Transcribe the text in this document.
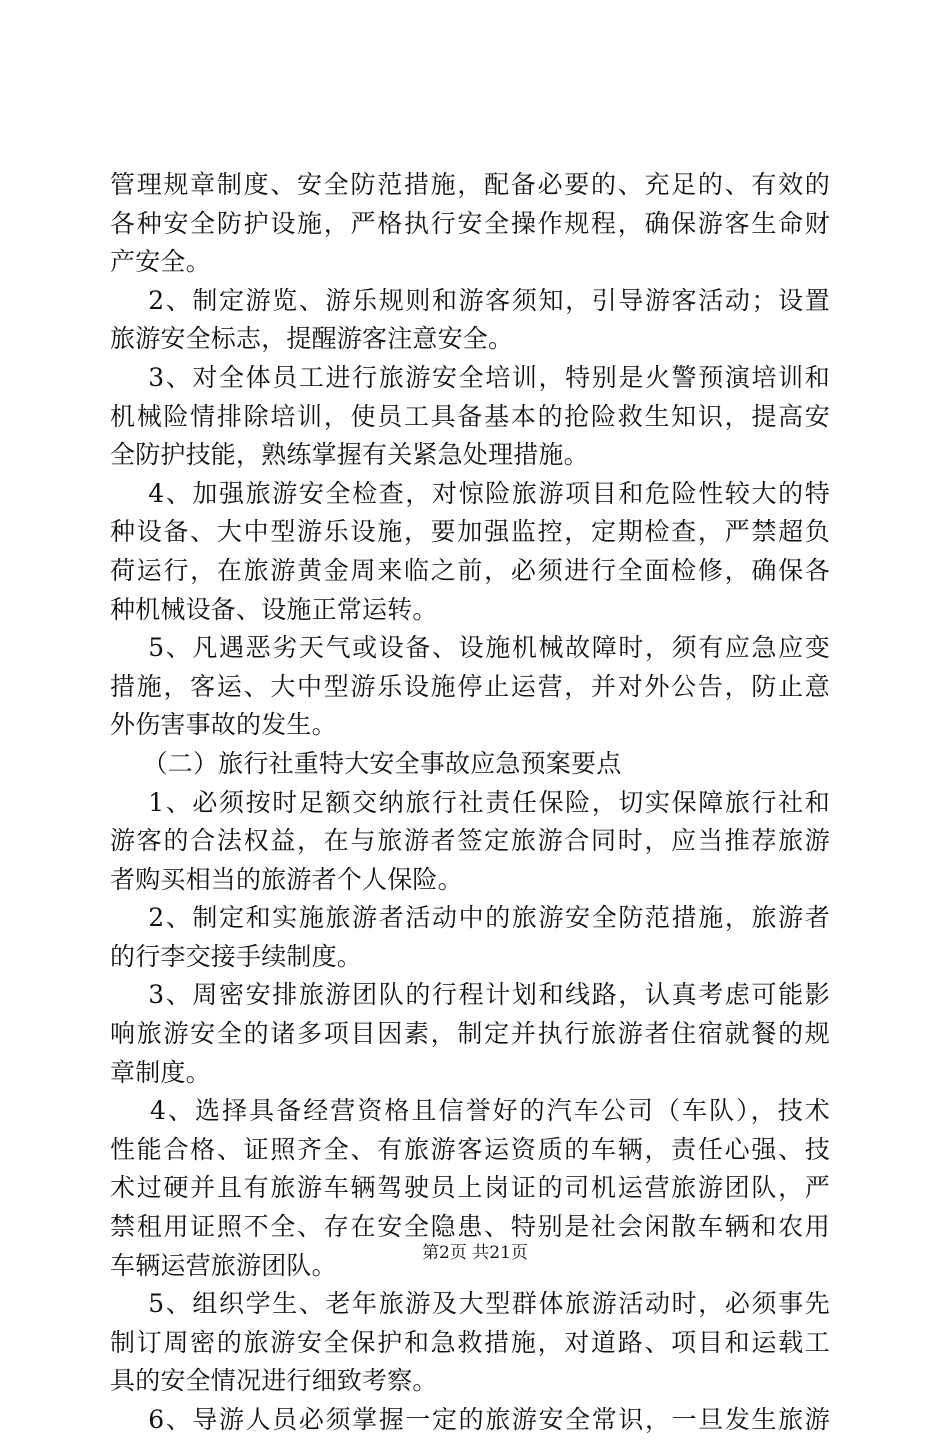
管理规章制度、安全防范措施，配备必要的、充足的、有效的
各种安全防护设施，严格执行安全操作规程，确保游客生命财
产安全。
2、制定游览、游乐规则和游客须知，引导游客活动；设置
旅游安全标志，提醒游客注意安全。
3、对全体员工进行旅游安全培训，特别是火警预演培训和
机械险情排除培训，使员工具备基本的抢险救生知识，提高安
全防护技能，熟练掌握有关紧急处理措施。
4、加强旅游安全检查，对惊险旅游项目和危险性较大的特
种设备、大中型游乐设施，要加强监控，定期检查，严禁超负
荷运行，在旅游黄金周来临之前，必须进行全面检修，确保各
种机械设备、设施正常运转。
5、凡遇恶劣天气或设备、设施机械故障时，须有应急应变
措施，客运、大中型游乐设施停止运营，并对外公告，防止意
外伤害事故的发生。
（二）旅行社重特大安全事故应急预案要点
1、必须按时足额交纳旅行社责任保险，切实保障旅行社和
游客的合法权益，在与旅游者签定旅游合同时，应当推荐旅游
者购买相当的旅游者个人保险。
2、制定和实施旅游者活动中的旅游安全防范措施，旅游者
的行李交接手续制度。
3、周密安排旅游团队的行程计划和线路，认真考虑可能影
响旅游安全的诸多项目因素，制定并执行旅游者住宿就餐的规
章制度。
4、选择具备经营资格且信誉好的汽车公司（车队），技术
性能合格、证照齐全、有旅游客运资质的车辆，责任心强、技
术过硬并且有旅游车辆驾驶员上岗证的司机运营旅游团队，严
禁租用证照不全、存在安全隐患、特别是社会闲散车辆和农用
车辆运营旅游团队。
5、组织学生、老年旅游及大型群体旅游活动时，必须事先
制订周密的旅游安全保护和急救措施，对道路、项目和运载工
具的安全情况进行细致考察。
6、导游人员必须掌握一定的旅游安全常识，一旦发生旅游
第2页 共21页
